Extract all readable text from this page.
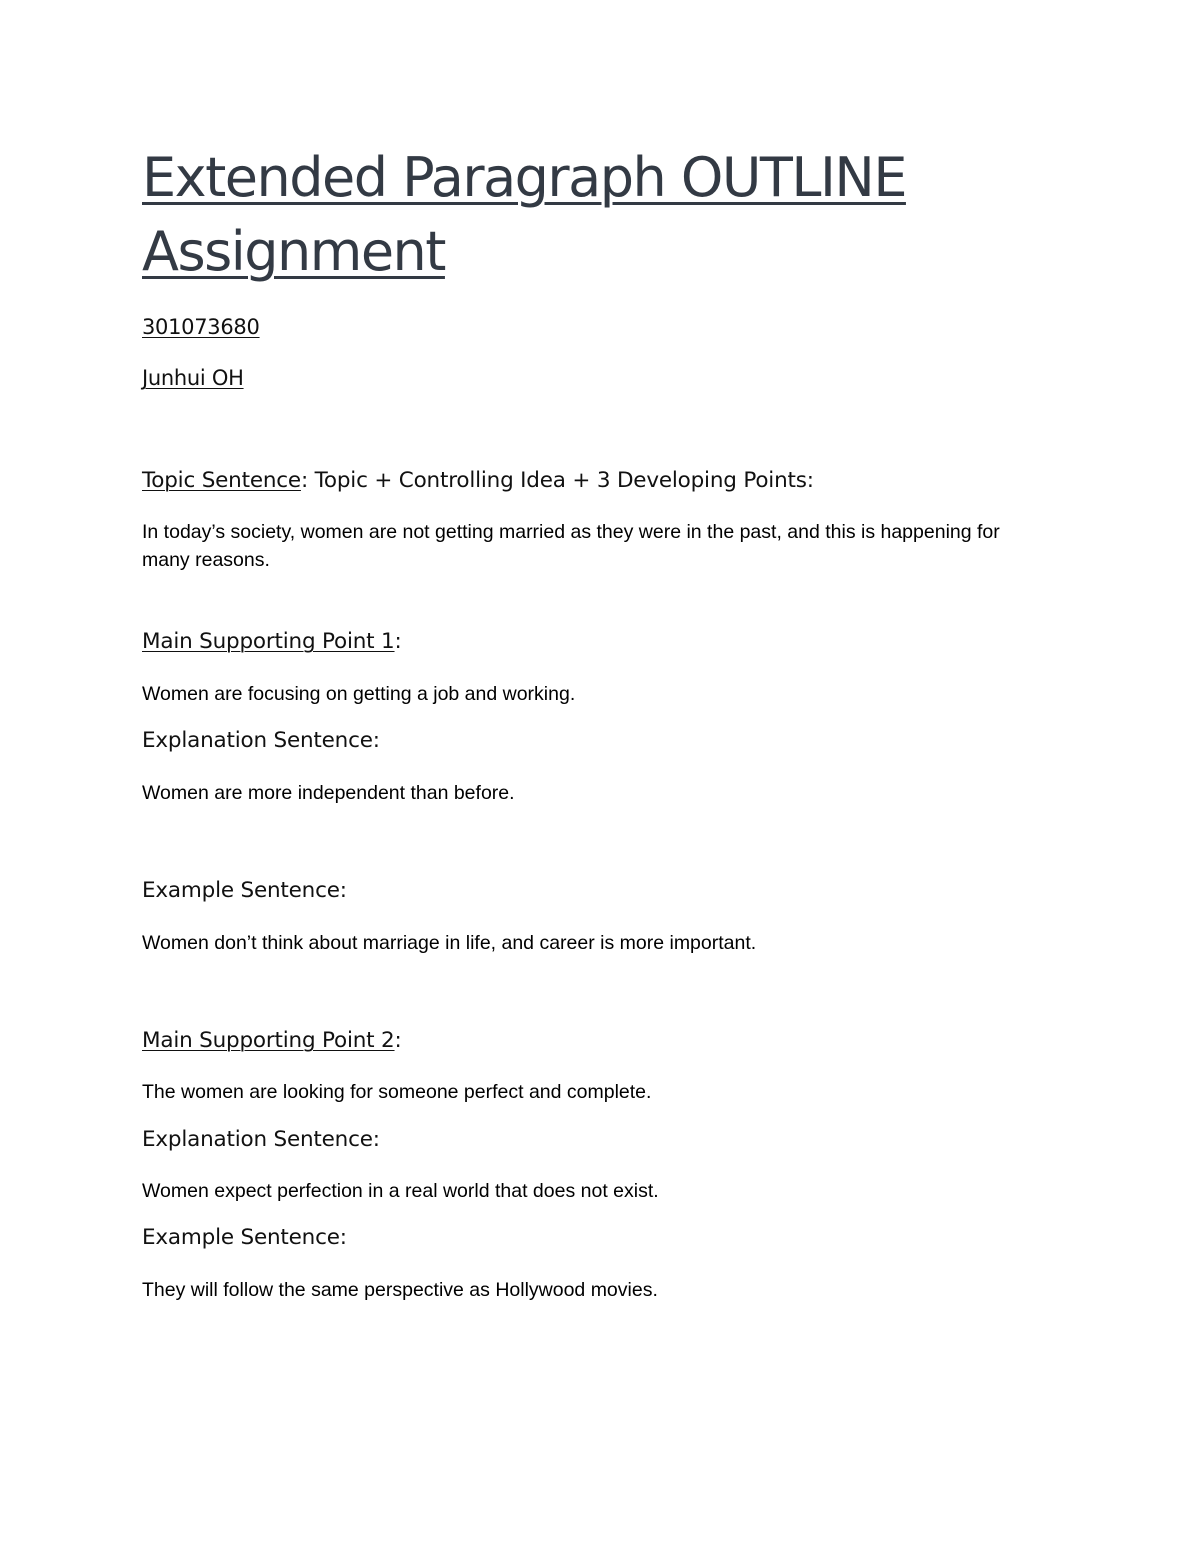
Extended Paragraph OUTLINE
Assignment
301073680
Junhui OH
Topic Sentence: Topic + Controlling Idea + 3 Developing Points:
In today’s society, women are not getting married as they were in the past, and this is happening for many reasons.
Main Supporting Point 1:
Women are focusing on getting a job and working.
Explanation Sentence:
Women are more independent than before.
Example Sentence:
Women don’t think about marriage in life, and career is more important.
Main Supporting Point 2:
The women are looking for someone perfect and complete.
Explanation Sentence:
Women expect perfection in a real world that does not exist.
Example Sentence:
They will follow the same perspective as Hollywood movies.
